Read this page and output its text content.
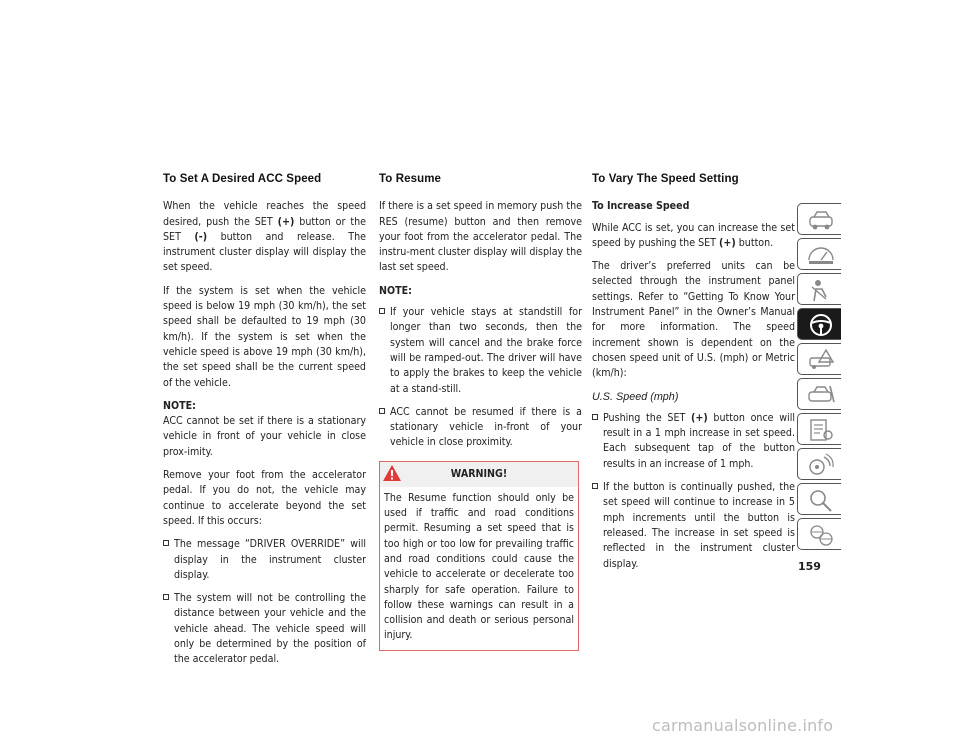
To Set A Desired ACC Speed

When the vehicle reaches the speed desired, push the SET (+) button or the SET (-) button and release. The instrument cluster display will display the set speed.

If the system is set when the vehicle speed is below 19 mph (30 km/h), the set speed shall be defaulted to 19 mph (30 km/h). If the system is set when the vehicle speed is above 19 mph (30 km/h), the set speed shall be the current speed of the vehicle.

NOTE:

ACC cannot be set if there is a stationary vehicle in front of your vehicle in close prox-imity.

Remove your foot from the accelerator pedal. If you do not, the vehicle may continue to accelerate beyond the set speed. If this occurs:

The message “DRIVER OVERRIDE” will display in the instrument cluster display.
The system will not be controlling the distance between your vehicle and the vehicle ahead. The vehicle speed will only be determined by the position of the accelerator pedal.
To Resume

If there is a set speed in memory push the RES (resume) button and then remove your foot from the accelerator pedal. The instru-ment cluster display will display the last set speed.

NOTE:
If your vehicle stays at standstill for longer than two seconds, then the system will cancel and the brake force will be ramped-out. The driver will have to apply the brakes to keep the vehicle at a stand-still.
ACC cannot be resumed if there is a stationary vehicle in-front of your vehicle in close proximity.
WARNING!
The Resume function should only be used if traffic and road conditions permit. Resuming a set speed that is too high or too low for prevailing traffic and road conditions could cause the vehicle to accelerate or decelerate too sharply for safe operation. Failure to follow these warnings can result in a collision and death or serious personal injury.
To Vary The Speed Setting
To Increase Speed

While ACC is set, you can increase the set speed by pushing the SET (+) button.

The driver’s preferred units can be selected through the instrument panel settings. Refer to “Getting To Know Your Instrument Panel” in the Owner’s Manual for more information. The speed increment shown is dependent on the chosen speed unit of U.S. (mph) or Metric (km/h):

U.S. Speed (mph)
Pushing the SET (+) button once will result in a 1 mph increase in set speed. Each subsequent tap of the button results in an increase of 1 mph.
If the button is continually pushed, the set speed will continue to increase in 5 mph increments until the button is released. The increase in set speed is reflected in the instrument cluster display.	159
carmanualsonline.info
